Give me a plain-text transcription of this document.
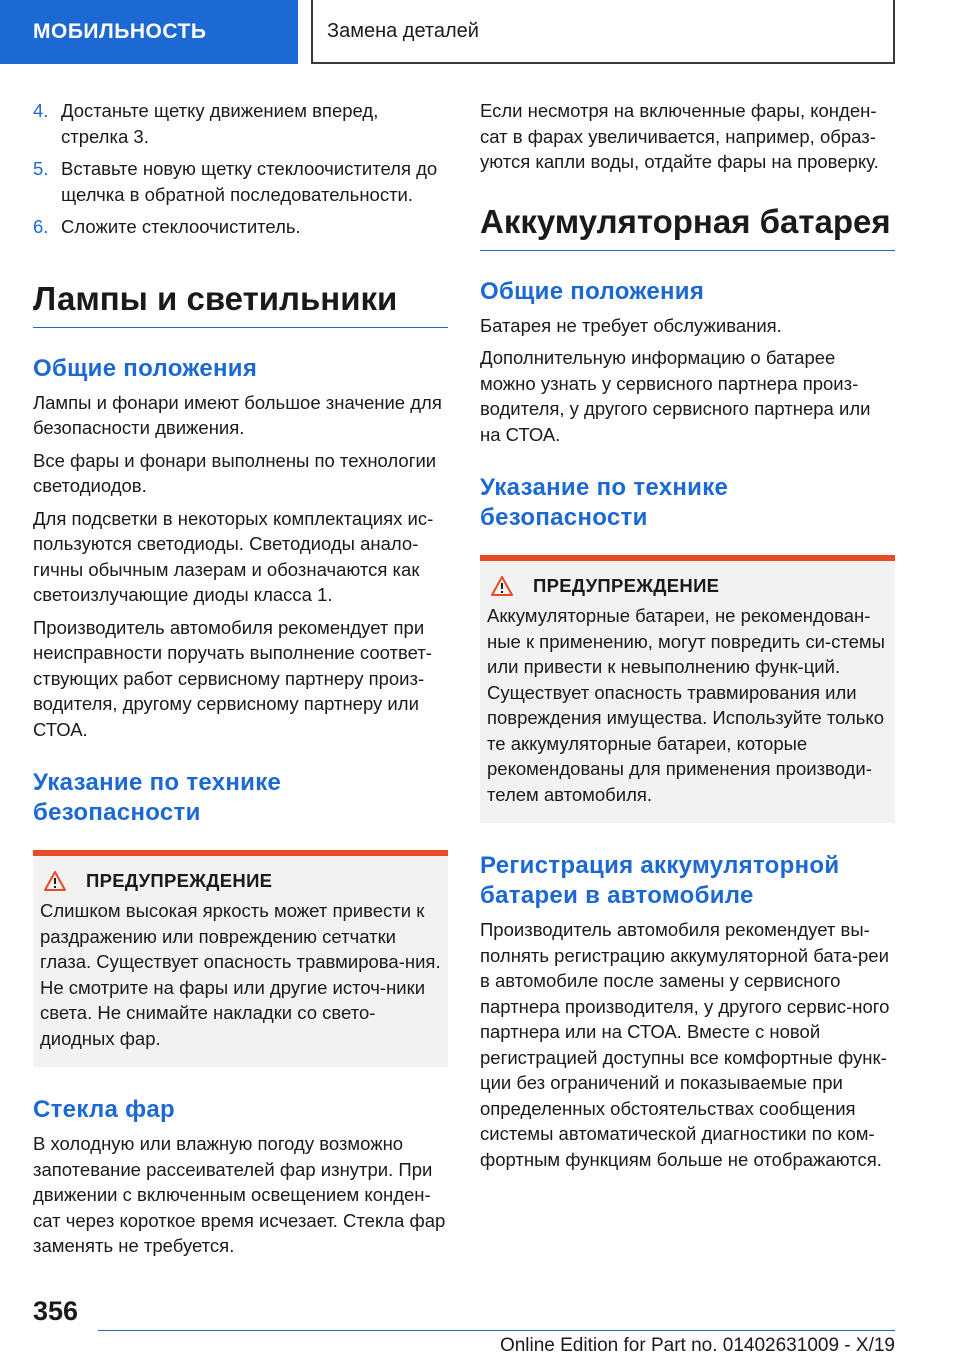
МОБИЛЬНОСТЬ	Замена деталей
4. Достаньте щетку движением вперед, стрелка 3.
5. Вставьте новую щетку стеклоочистителя до щелчка в обратной последовательности.
6. Сложите стеклоочиститель.
Лампы и светильники
Общие положения

Лампы и фонари имеют большое значение для безопасности движения.

Все фары и фонари выполнены по технологии светодиодов.

Для подсветки в некоторых комплектациях ис-пользуются светодиоды. Светодиоды анало-гичны обычным лазерам и обозначаются как светоизлучающие диоды класса 1.

Производитель автомобиля рекомендует при неисправности поручать выполнение соответ-ствующих работ сервисному партнеру произ-водителя, другому сервисному партнеру или СТОА.

Указание по технике безопасности
ПРЕДУПРЕЖДЕНИЕ

Слишком высокая яркость может привести к раздражению или повреждению сетчатки глаза. Существует опасность травмирова-ния. Не смотрите на фары или другие источ-ники света. Не снимайте накладки со свето-диодных фар.

Стекла фар

В холодную или влажную погоду возможно запотевание рассеивателей фар изнутри. При движении с включенным освещением конден-сат через короткое время исчезает. Стекла фар заменять не требуется.

Если несмотря на включенные фары, конден-сат в фарах увеличивается, например, образ-уются капли воды, отдайте фары на проверку.

Аккумуляторная батарея
Общие положения

Батарея не требует обслуживания.

Дополнительную информацию о батарее можно узнать у сервисного партнера произ-водителя, у другого сервисного партнера или на СТОА.

Указание по технике безопасности
ПРЕДУПРЕЖДЕНИЕ

Аккумуляторные батареи, не рекомендован-ные к применению, могут повредить си-стемы или привести к невыполнению функ-ций. Существует опасность травмирования или повреждения имущества. Используйте только те аккумуляторные батареи, которые рекомендованы для применения производи-телем автомобиля.

Регистрация аккумуляторной батареи в автомобиле

Производитель автомобиля рекомендует вы-полнять регистрацию аккумуляторной бата-реи в автомобиле после замены у сервисного партнера производителя, у другого сервис-ного партнера или на СТОА. Вместе с новой регистрацией доступны все комфортные функ-ции без ограничений и показываемые при определенных обстоятельствах сообщения системы автоматической диагностики по ком-фортным функциям больше не отображаются.

356
Online Edition for Part no. 01402631009 - X/19
